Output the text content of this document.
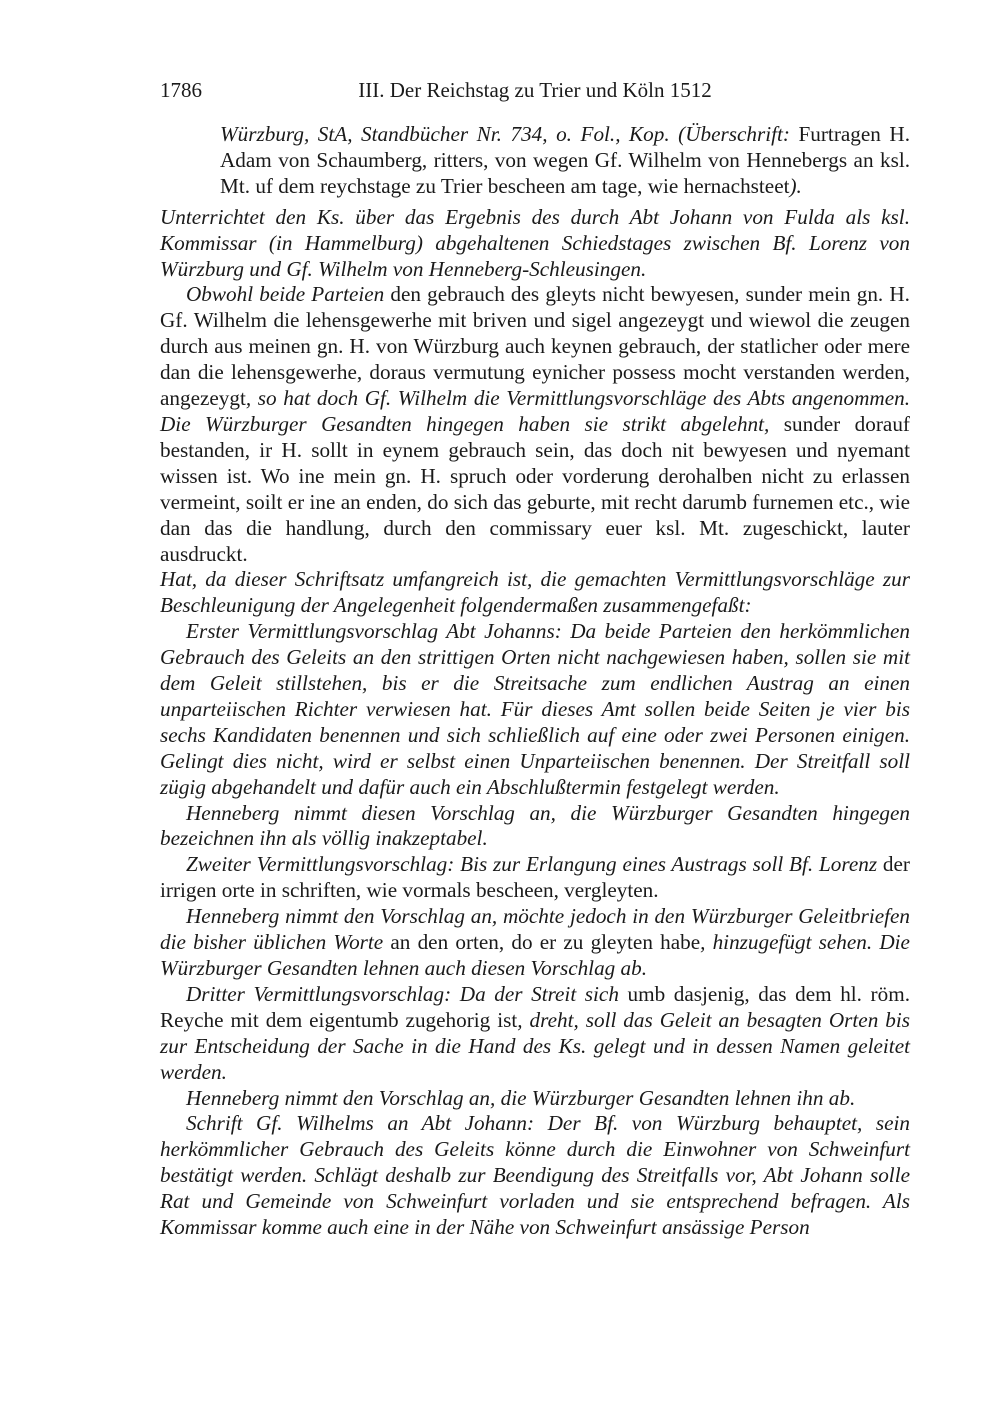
1786	III. Der Reichstag zu Trier und Köln 1512

Würzburg, StA, Standbücher Nr. 734, o. Fol., Kop. (Überschrift: Furtragen H. Adam von Schaumberg, ritters, von wegen Gf. Wilhelm von Hennebergs an ksl. Mt. uf dem reychstage zu Trier bescheen am tage, wie hernachsteet).

Unterrichtet den Ks. über das Ergebnis des durch Abt Johann von Fulda als ksl. Kommissar (in Hammelburg) abgehaltenen Schiedstages zwischen Bf. Lorenz von Würzburg und Gf. Wilhelm von Henneberg-Schleusingen.

Obwohl beide Parteien den gebrauch des gleyts nicht bewyesen, sunder mein gn. H. Gf. Wilhelm die lehensgewerhe mit briven und sigel angezeygt und wiewol die zeugen durch aus meinen gn. H. von Würzburg auch keynen gebrauch, der statlicher oder mere dan die lehensgewerhe, doraus vermutung eynicher possess mocht verstanden werden, angezeygt, so hat doch Gf. Wilhelm die Vermittlungsvorschläge des Abts angenommen. Die Würzburger Gesandten hingegen haben sie strikt abgelehnt, sunder dorauf bestanden, ir H. sollt in eynem gebrauch sein, das doch nit bewyesen und nyemant wissen ist. Wo ine mein gn. H. spruch oder vorderung derohalben nicht zu erlassen vermeint, soilt er ine an enden, do sich das geburte, mit recht darumb furnemen etc., wie dan das die handlung, durch den commissary euer ksl. Mt. zugeschickt, lauter ausdruckt.

Hat, da dieser Schriftsatz umfangreich ist, die gemachten Vermittlungsvorschläge zur Beschleunigung der Angelegenheit folgendermaßen zusammengefaßt:

Erster Vermittlungsvorschlag Abt Johanns: Da beide Parteien den herkömmlichen Gebrauch des Geleits an den strittigen Orten nicht nachgewiesen haben, sollen sie mit dem Geleit stillstehen, bis er die Streitsache zum endlichen Austrag an einen unparteiischen Richter verwiesen hat. Für dieses Amt sollen beide Seiten je vier bis sechs Kandidaten benennen und sich schließlich auf eine oder zwei Personen einigen. Gelingt dies nicht, wird er selbst einen Unparteiischen benennen. Der Streitfall soll zügig abgehandelt und dafür auch ein Abschlußtermin festgelegt werden.

Henneberg nimmt diesen Vorschlag an, die Würzburger Gesandten hingegen bezeichnen ihn als völlig inakzeptabel.

Zweiter Vermittlungsvorschlag: Bis zur Erlangung eines Austrags soll Bf. Lorenz der irrigen orte in schriften, wie vormals bescheen, vergleyten.

Henneberg nimmt den Vorschlag an, möchte jedoch in den Würzburger Geleitbriefen die bisher üblichen Worte an den orten, do er zu gleyten habe, hinzugefügt sehen. Die Würzburger Gesandten lehnen auch diesen Vorschlag ab.

Dritter Vermittlungsvorschlag: Da der Streit sich umb dasjenig, das dem hl. röm. Reyche mit dem eigentumb zugehorig ist, dreht, soll das Geleit an besagten Orten bis zur Entscheidung der Sache in die Hand des Ks. gelegt und in dessen Namen geleitet werden.

Henneberg nimmt den Vorschlag an, die Würzburger Gesandten lehnen ihn ab.

Schrift Gf. Wilhelms an Abt Johann: Der Bf. von Würzburg behauptet, sein herkömmlicher Gebrauch des Geleits könne durch die Einwohner von Schweinfurt bestätigt werden. Schlägt deshalb zur Beendigung des Streitfalls vor, Abt Johann solle Rat und Gemeinde von Schweinfurt vorladen und sie entsprechend befragen. Als Kommissar komme auch eine in der Nähe von Schweinfurt ansässige Person
